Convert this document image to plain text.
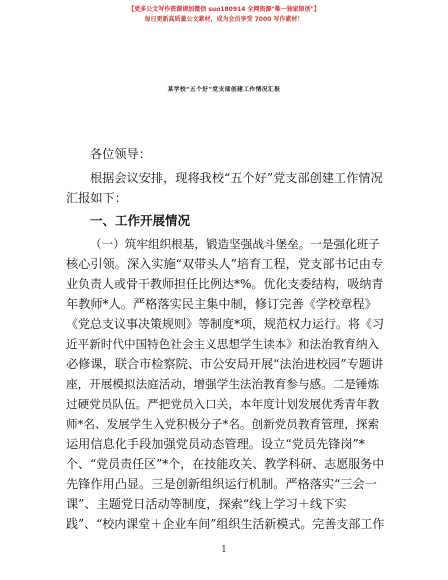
【更多公文写作资源请加微信 suo180914 全网资源"唯一独家原创"】
每日更新高质量公文素材，成为会员享受 7000 写作素材！
某学校“五个好”党支部创建工作情况汇报
各位领导：
根据会议安排，现将我校“五个好”党支部创建工作情况
汇报如下：
一、工作开展情况
（一）筑牢组织根基，锻造坚强战斗堡垒。一是强化班子
核心引领。深入实施“双带头人”培育工程，党支部书记由专
业负责人或骨干教师担任比例达*%。优化支委结构，吸纳青
年教师*人。严格落实民主集中制，修订完善《学校章程》
《党总支议事决策规则》等制度*项，规范权力运行。将《习
近平新时代中国特色社会主义思想学生读本》和法治教育纳入
必修课，联合市检察院、市公安局开展“法治进校园”专题讲
座，开展模拟法庭活动，增强学生法治教育参与感。二是锤炼
过硬党员队伍。严把党员入口关，本年度计划发展优秀青年教
师*名、发展学生入党积极分子*名。创新党员教育管理，探索
运用信息化手段加强党员动态管理。设立“党员先锋岗”*
个、“党员责任区”*个，在技能攻关、教学科研、志愿服务中
先锋作用凸显。三是创新组织运行机制。严格落实“三会一
课”、主题党日活动等制度，探索“线上学习＋线下实
践”、“校内课堂＋企业车间”组织生活新模式。完善支部工作
1
